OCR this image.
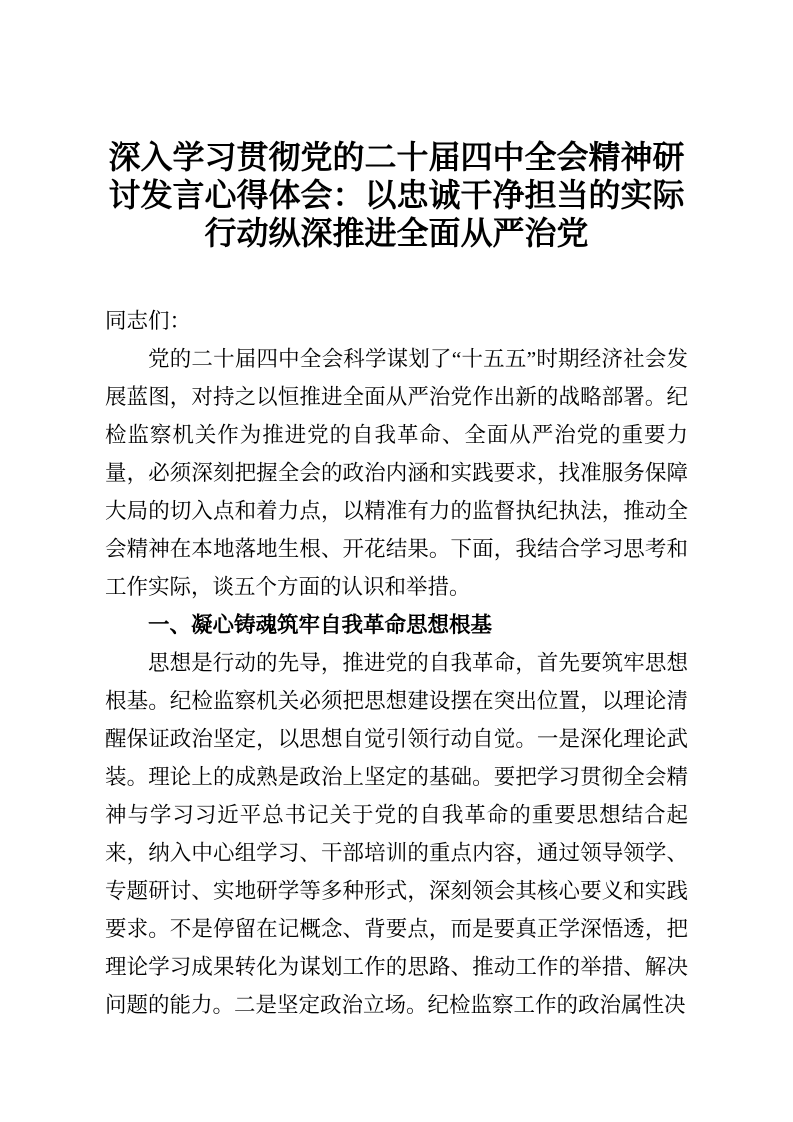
深入学习贯彻党的二十届四中全会精神研讨发言心得体会：以忠诚干净担当的实际行动纵深推进全面从严治党

同志们：

党的二十届四中全会科学谋划了“十五五”时期经济社会发展蓝图，对持之以恒推进全面从严治党作出新的战略部署。纪检监察机关作为推进党的自我革命、全面从严治党的重要力量，必须深刻把握全会的政治内涵和实践要求，找准服务保障大局的切入点和着力点，以精准有力的监督执纪执法，推动全会精神在本地落地生根、开花结果。下面，我结合学习思考和工作实际，谈五个方面的认识和举措。

一、凝心铸魂筑牢自我革命思想根基

思想是行动的先导，推进党的自我革命，首先要筑牢思想根基。纪检监察机关必须把思想建设摆在突出位置，以理论清醒保证政治坚定，以思想自觉引领行动自觉。一是深化理论武装。理论上的成熟是政治上坚定的基础。要把学习贯彻全会精神与学习习近平总书记关于党的自我革命的重要思想结合起来，纳入中心组学习、干部培训的重点内容，通过领导领学、专题研讨、实地研学等多种形式，深刻领会其核心要义和实践要求。不是停留在记概念、背要点，而是要真正学深悟透，把理论学习成果转化为谋划工作的思路、推动工作的举措、解决问题的能力。二是坚定政治立场。纪检监察工作的政治属性决
